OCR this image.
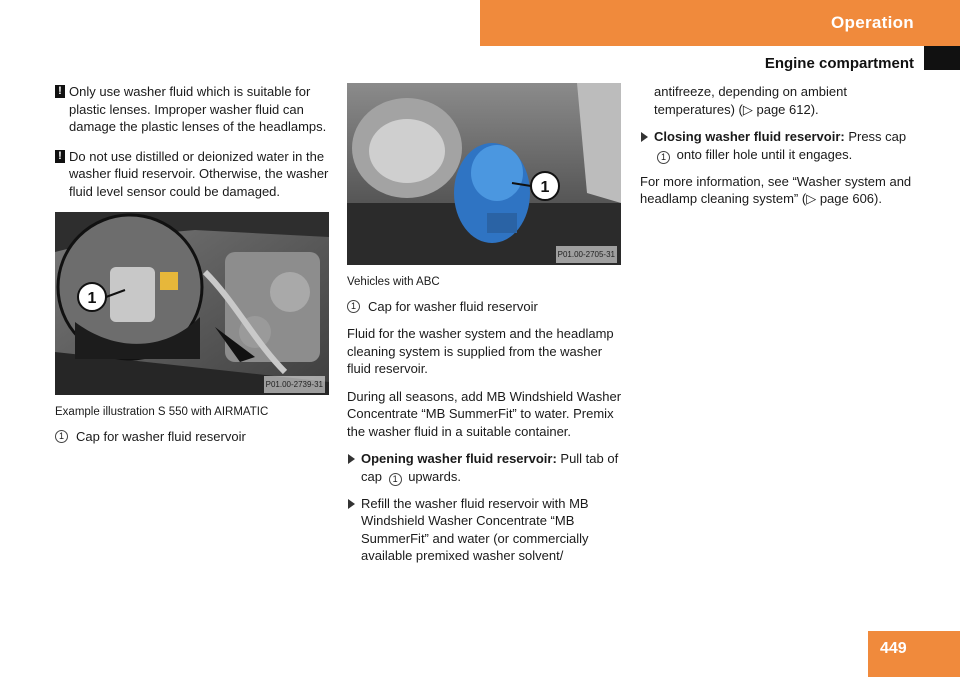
Operation
Engine compartment

! Only use washer fluid which is suitable for plastic lenses. Improper washer fluid can damage the plastic lenses of the headlamps.

! Do not use distilled or deionized water in the washer fluid reservoir. Otherwise, the washer fluid level sensor could be damaged.

1
P01.00-2739-31
Example illustration S 550 with AIRMATIC
1 Cap for washer fluid reservoir
1
P01.00-2705-31
Vehicles with ABC
1 Cap for washer fluid reservoir

Fluid for the washer system and the headlamp cleaning system is supplied from the washer fluid reservoir.

During all seasons, add MB Windshield Washer Concentrate “MB SummerFit” to water. Premix the washer fluid in a suitable container.

Opening washer fluid reservoir: Pull tab of cap 1 upwards.
Refill the washer fluid reservoir with MB Windshield Washer Concentrate “MB SummerFit” and water (or commercially available premixed washer solvent/

antifreeze, depending on ambient temperatures) (▷ page 612).

Closing washer fluid reservoir: Press cap 1 onto filler hole until it engages.

For more information, see “Washer system and headlamp cleaning system” (▷ page 606).

449
